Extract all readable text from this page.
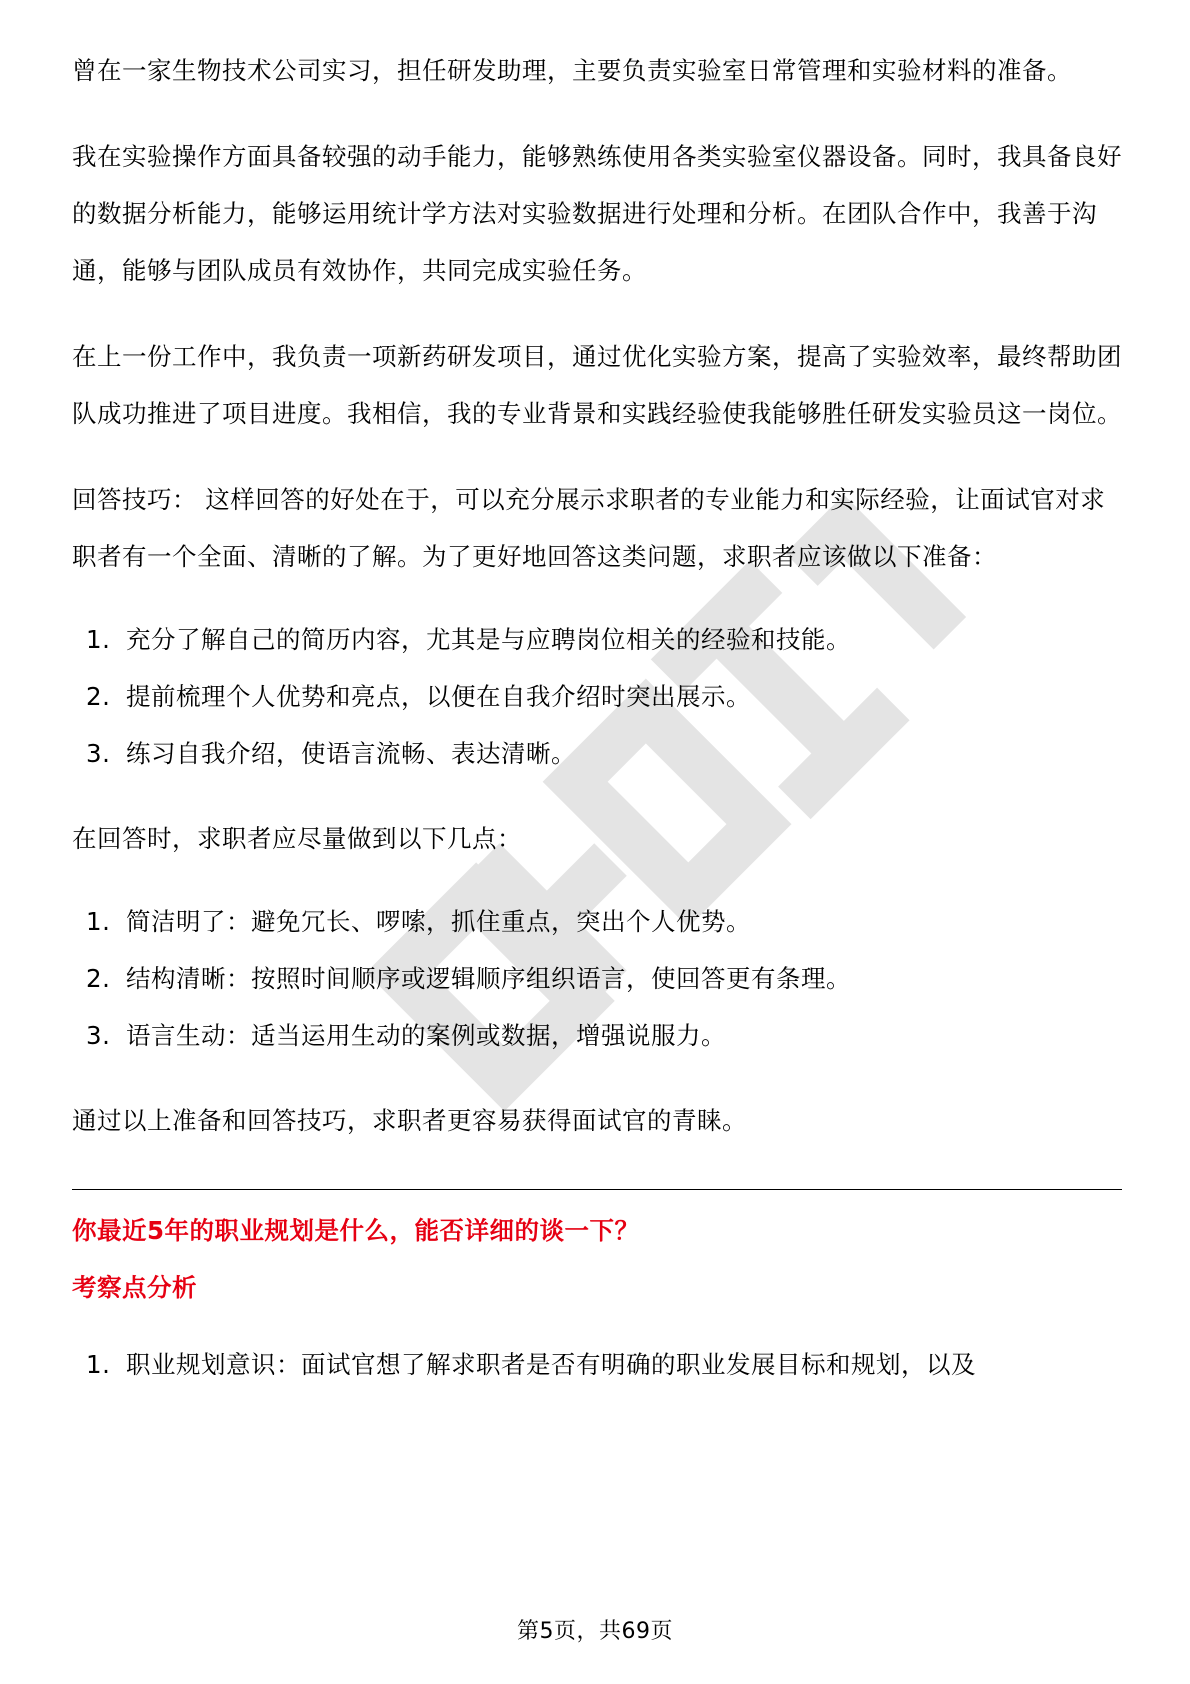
曾在一家生物技术公司实习，担任研发助理，主要负责实验室日常管理和实验材料的准备。

我在实验操作方面具备较强的动手能力，能够熟练使用各类实验室仪器设备。同时，我具备良好的数据分析能力，能够运用统计学方法对实验数据进行处理和分析。在团队合作中，我善于沟通，能够与团队成员有效协作，共同完成实验任务。

在上一份工作中，我负责一项新药研发项目，通过优化实验方案，提高了实验效率，最终帮助团队成功推进了项目进度。我相信，我的专业背景和实践经验使我能够胜任研发实验员这一岗位。

回答技巧： 这样回答的好处在于，可以充分展示求职者的专业能力和实际经验，让面试官对求职者有一个全面、清晰的了解。为了更好地回答这类问题，求职者应该做以下准备：

1. 充分了解自己的简历内容，尤其是与应聘岗位相关的经验和技能。
2. 提前梳理个人优势和亮点，以便在自我介绍时突出展示。
3. 练习自我介绍，使语言流畅、表达清晰。

在回答时，求职者应尽量做到以下几点：

1. 简洁明了：避免冗长、啰嗦，抓住重点，突出个人优势。
2. 结构清晰：按照时间顺序或逻辑顺序组织语言，使回答更有条理。
3. 语言生动：适当运用生动的案例或数据，增强说服力。

通过以上准备和回答技巧，求职者更容易获得面试官的青睐。

你最近5年的职业规划是什么，能否详细的谈一下？
考察点分析
1. 职业规划意识：面试官想了解求职者是否有明确的职业发展目标和规划，以及
第5页，共69页
